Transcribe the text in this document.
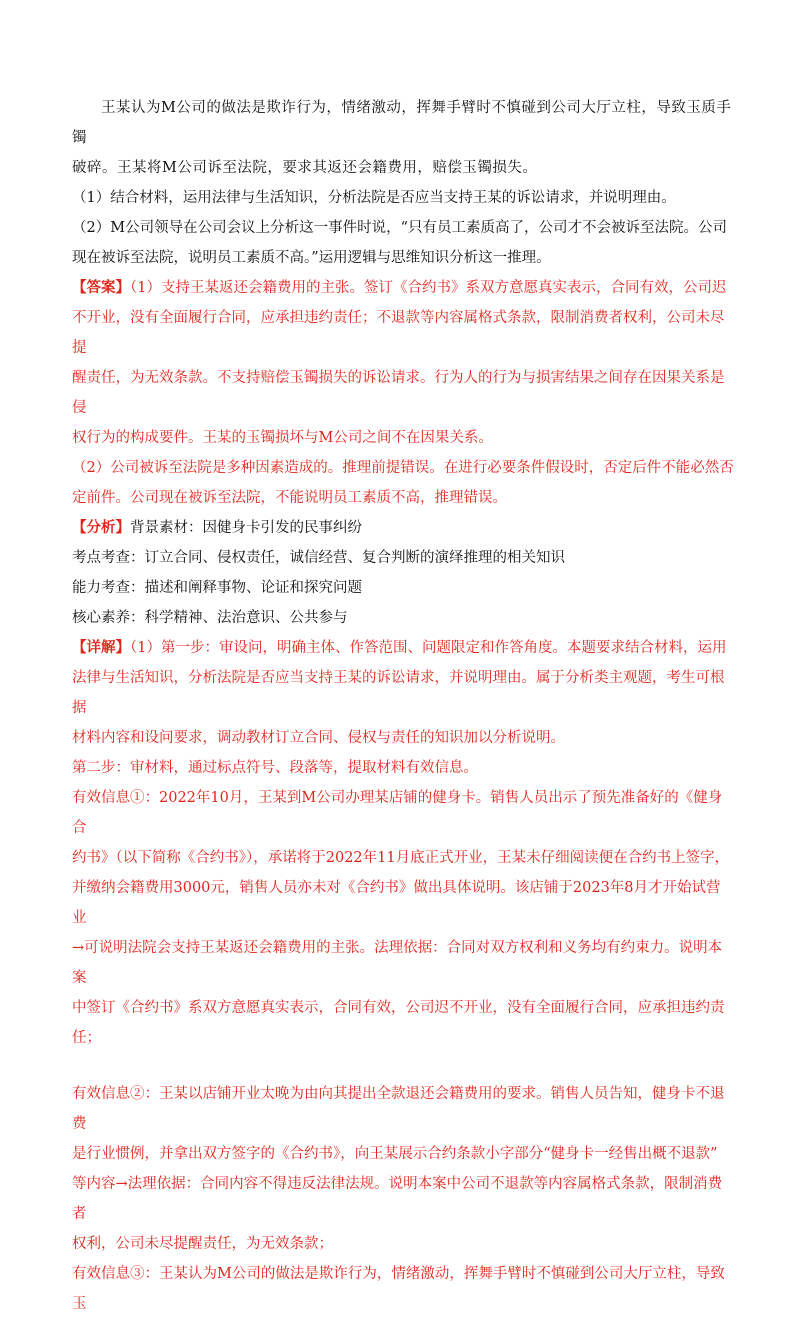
王某认为M公司的做法是欺诈行为，情绪激动，挥舞手臂时不慎碰到公司大厅立柱，导致玉质手镯

破碎。王某将M公司诉至法院，要求其返还会籍费用，赔偿玉镯损失。

（1）结合材料，运用法律与生活知识，分析法院是否应当支持王某的诉讼请求，并说明理由。

（2）M公司领导在公司会议上分析这一事件时说，“只有员工素质高了，公司才不会被诉至法院。公司

现在被诉至法院，说明员工素质不高。”运用逻辑与思维知识分析这一推理。

【答案】（1）支持王某返还会籍费用的主张。签订《合约书》系双方意愿真实表示，合同有效，公司迟

不开业，没有全面履行合同，应承担违约责任；不退款等内容属格式条款，限制消费者权利，公司未尽提

醒责任，为无效条款。不支持赔偿玉镯损失的诉讼请求。行为人的行为与损害结果之间存在因果关系是侵

权行为的构成要件。王某的玉镯损坏与M公司之间不在因果关系。

（2）公司被诉至法院是多种因素造成的。推理前提错误。在进行必要条件假设时，否定后件不能必然否

定前件。公司现在被诉至法院，不能说明员工素质不高，推理错误。

【分析】背景素材：因健身卡引发的民事纠纷

考点考查：订立合同、侵权责任，诚信经营、复合判断的演绎推理的相关知识

能力考查：描述和阐释事物、论证和探究问题

核心素养：科学精神、法治意识、公共参与

【详解】（1）第一步：审设问，明确主体、作答范围、问题限定和作答角度。本题要求结合材料，运用

法律与生活知识，分析法院是否应当支持王某的诉讼请求，并说明理由。属于分析类主观题，考生可根据

材料内容和设问要求，调动教材订立合同、侵权与责任的知识加以分析说明。

第二步：审材料，通过标点符号、段落等，提取材料有效信息。

有效信息①：2022年10月，王某到M公司办理某店铺的健身卡。销售人员出示了预先准备好的《健身合

约书》（以下简称《合约书》），承诺将于2022年11月底正式开业，王某未仔细阅读便在合约书上签字，

并缴纳会籍费用3000元，销售人员亦未对《合约书》做出具体说明。该店铺于2023年8月才开始试营业

→可说明法院会支持王某返还会籍费用的主张。法理依据：合同对双方权利和义务均有约束力。说明本案

中签订《合约书》系双方意愿真实表示，合同有效，公司迟不开业，没有全面履行合同，应承担违约责任；

有效信息②：王某以店铺开业太晚为由向其提出全款退还会籍费用的要求。销售人员告知，健身卡不退费

是行业惯例，并拿出双方签字的《合约书》，向王某展示合约条款小字部分“健身卡一经售出概不退款”

等内容→法理依据：合同内容不得违反法律法规。说明本案中公司不退款等内容属格式条款，限制消费者

权利，公司未尽提醒责任，为无效条款；

有效信息③：王某认为M公司的做法是欺诈行为，情绪激动，挥舞手臂时不慎碰到公司大厅立柱，导致玉
